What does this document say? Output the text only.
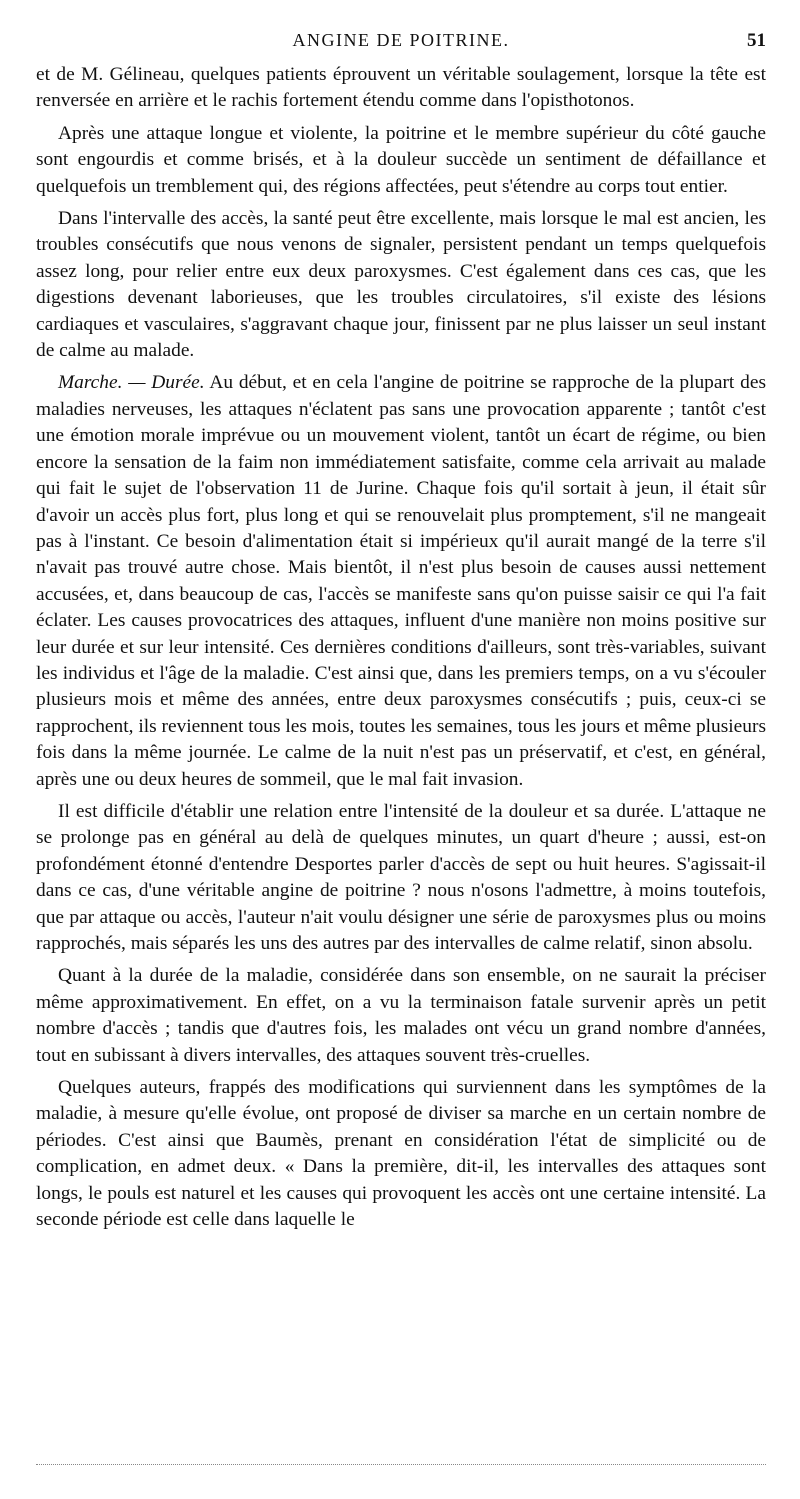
ANGINE DE POITRINE.	51

et de M. Gélineau, quelques patients éprouvent un véritable soulagement, lorsque la tête est renversée en arrière et le rachis fortement étendu comme dans l'opisthotonos.

Après une attaque longue et violente, la poitrine et le membre supérieur du côté gauche sont engourdis et comme brisés, et à la douleur succède un sentiment de défaillance et quelquefois un tremblement qui, des régions affectées, peut s'étendre au corps tout entier.

Dans l'intervalle des accès, la santé peut être excellente, mais lorsque le mal est ancien, les troubles consécutifs que nous venons de signaler, persistent pendant un temps quelquefois assez long, pour relier entre eux deux paroxysmes. C'est également dans ces cas, que les digestions devenant laborieuses, que les troubles circulatoires, s'il existe des lésions cardiaques et vasculaires, s'aggravant chaque jour, finissent par ne plus laisser un seul instant de calme au malade.

Marche. — Durée. Au début, et en cela l'angine de poitrine se rapproche de la plupart des maladies nerveuses, les attaques n'éclatent pas sans une provocation apparente ; tantôt c'est une émotion morale imprévue ou un mouvement violent, tantôt un écart de régime, ou bien encore la sensation de la faim non immédiatement satisfaite, comme cela arrivait au malade qui fait le sujet de l'observation 11 de Jurine. Chaque fois qu'il sortait à jeun, il était sûr d'avoir un accès plus fort, plus long et qui se renouvelait plus promptement, s'il ne mangeait pas à l'instant. Ce besoin d'alimentation était si impérieux qu'il aurait mangé de la terre s'il n'avait pas trouvé autre chose. Mais bientôt, il n'est plus besoin de causes aussi nettement accusées, et, dans beaucoup de cas, l'accès se manifeste sans qu'on puisse saisir ce qui l'a fait éclater. Les causes provocatrices des attaques, influent d'une manière non moins positive sur leur durée et sur leur intensité. Ces dernières conditions d'ailleurs, sont très-variables, suivant les individus et l'âge de la maladie. C'est ainsi que, dans les premiers temps, on a vu s'écouler plusieurs mois et même des années, entre deux paroxysmes consécutifs ; puis, ceux-ci se rapprochent, ils reviennent tous les mois, toutes les semaines, tous les jours et même plusieurs fois dans la même journée. Le calme de la nuit n'est pas un préservatif, et c'est, en général, après une ou deux heures de sommeil, que le mal fait invasion.

Il est difficile d'établir une relation entre l'intensité de la douleur et sa durée. L'attaque ne se prolonge pas en général au delà de quelques minutes, un quart d'heure ; aussi, est-on profondément étonné d'entendre Desportes parler d'accès de sept ou huit heures. S'agissait-il dans ce cas, d'une véritable angine de poitrine ? nous n'osons l'admettre, à moins toutefois, que par attaque ou accès, l'auteur n'ait voulu désigner une série de paroxysmes plus ou moins rapprochés, mais séparés les uns des autres par des intervalles de calme relatif, sinon absolu.

Quant à la durée de la maladie, considérée dans son ensemble, on ne saurait la préciser même approximativement. En effet, on a vu la terminaison fatale survenir après un petit nombre d'accès ; tandis que d'autres fois, les malades ont vécu un grand nombre d'années, tout en subissant à divers intervalles, des attaques souvent très-cruelles.

Quelques auteurs, frappés des modifications qui surviennent dans les symptômes de la maladie, à mesure qu'elle évolue, ont proposé de diviser sa marche en un certain nombre de périodes. C'est ainsi que Baumès, prenant en considération l'état de simplicité ou de complication, en admet deux. « Dans la première, dit-il, les intervalles des attaques sont longs, le pouls est naturel et les causes qui provoquent les accès ont une certaine intensité. La seconde période est celle dans laquelle le
